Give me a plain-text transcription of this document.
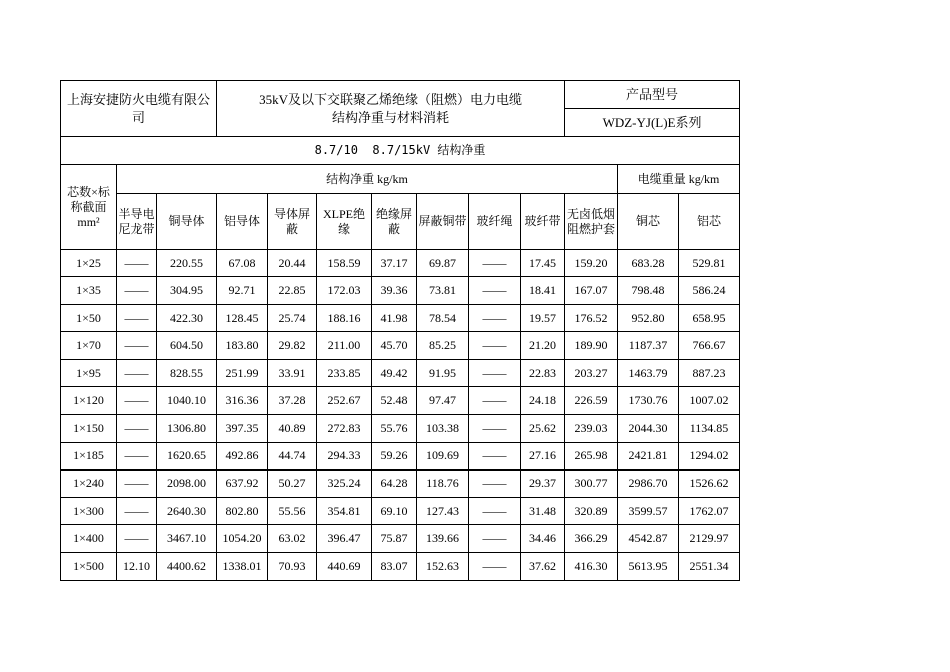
上海安捷防火电缆有限公司			35kV及以下交联聚乙烯绝缘（阻燃）电力电缆
结构净重与材料消耗							产品型号		
										WDZ-YJ(L)E系列		
8.7/10  8.7/15kV 结构净重												
芯数×标称截面mm²	结构净重 kg/km										电缆重量 kg/km	
	半导电尼龙带	铜导体	铝导体	导体屏蔽	XLPE绝缘	绝缘屏蔽	屏蔽铜带	玻纤绳	玻纤带	无卤低烟阻燃护套	铜芯	铝芯
1×25	——	220.55	67.08	20.44	158.59	37.17	69.87	——	17.45	159.20	683.28	529.81
1×35	——	304.95	92.71	22.85	172.03	39.36	73.81	——	18.41	167.07	798.48	586.24
1×50	——	422.30	128.45	25.74	188.16	41.98	78.54	——	19.57	176.52	952.80	658.95
1×70	——	604.50	183.80	29.82	211.00	45.70	85.25	——	21.20	189.90	1187.37	766.67
1×95	——	828.55	251.99	33.91	233.85	49.42	91.95	——	22.83	203.27	1463.79	887.23
1×120	——	1040.10	316.36	37.28	252.67	52.48	97.47	——	24.18	226.59	1730.76	1007.02
1×150	——	1306.80	397.35	40.89	272.83	55.76	103.38	——	25.62	239.03	2044.30	1134.85
1×185	——	1620.65	492.86	44.74	294.33	59.26	109.69	——	27.16	265.98	2421.81	1294.02
1×240	——	2098.00	637.92	50.27	325.24	64.28	118.76	——	29.37	300.77	2986.70	1526.62
1×300	——	2640.30	802.80	55.56	354.81	69.10	127.43	——	31.48	320.89	3599.57	1762.07
1×400	——	3467.10	1054.20	63.02	396.47	75.87	139.66	——	34.46	366.29	4542.87	2129.97
1×500	12.10	4400.62	1338.01	70.93	440.69	83.07	152.63	——	37.62	416.30	5613.95	2551.34
